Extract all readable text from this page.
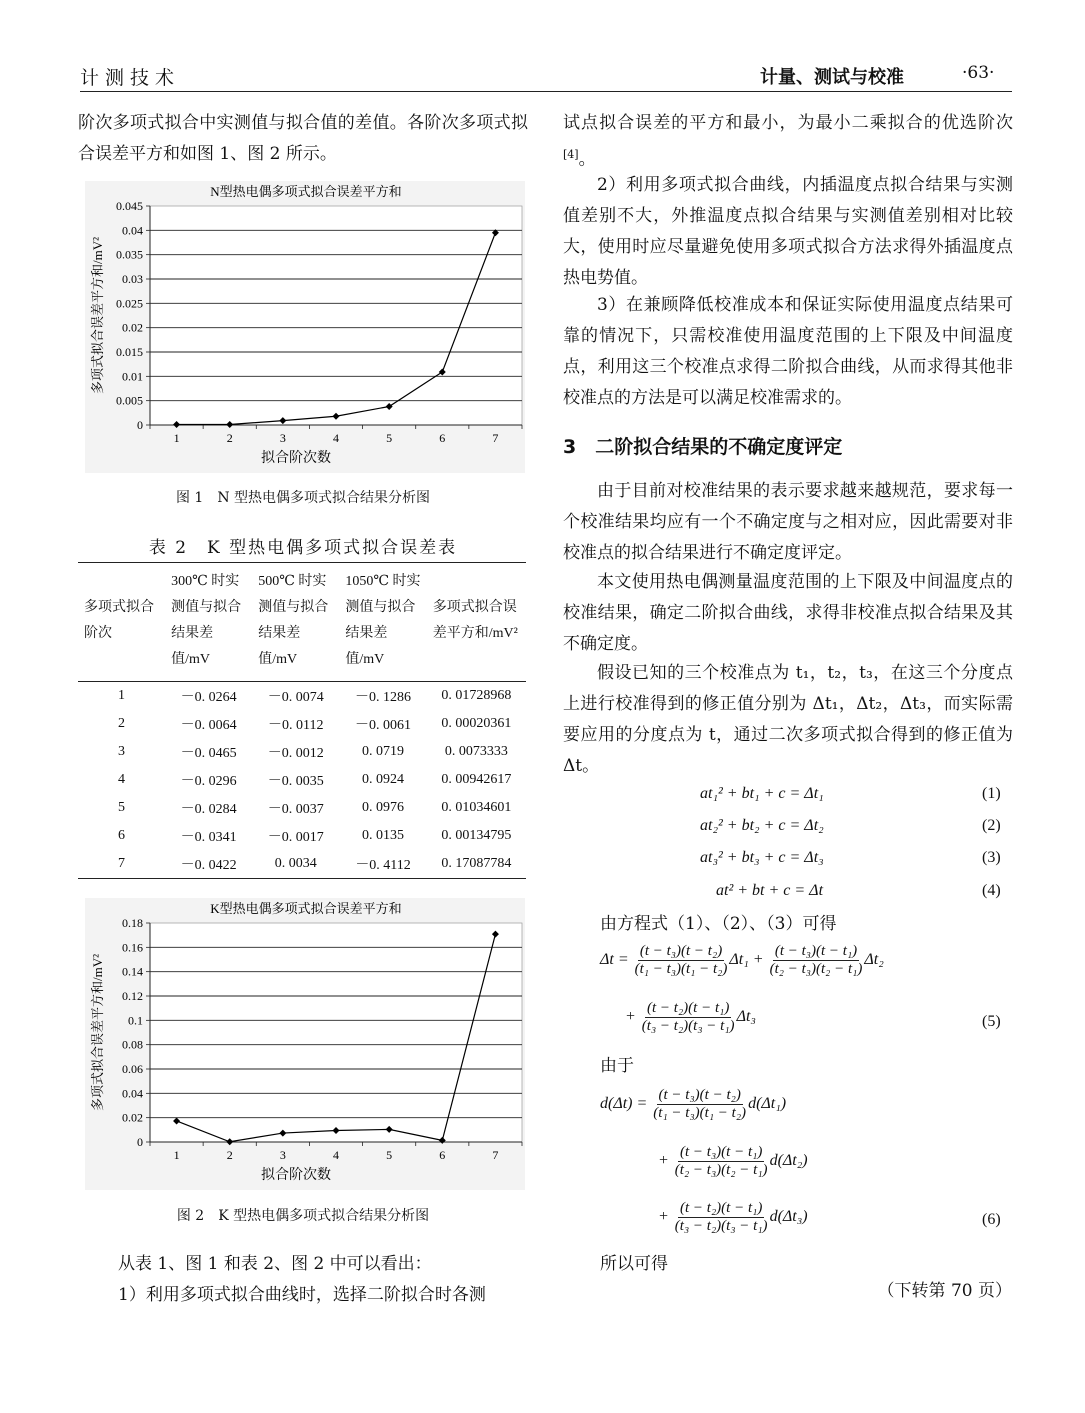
计测技术	计量、测试与校准	·63·

阶次多项式拟合中实测值与拟合值的差值。各阶次多项式拟合误差平方和如图 1、图 2 所示。

N型热电偶多项式拟合误差平方和
0
0.005
0.01
0.015
0.02
0.025
0.03
0.035
0.04
0.045
1	2	3	4	5	6	7
拟合阶次数
多项式拟合误差平方和/mV²
图 1　N 型热电偶多项式拟合结果分析图
表 2　K 型热电偶多项式拟合误差表
多项式拟合阶次	300℃ 时实测值与拟合结果差值/mV	500℃ 时实测值与拟合结果差值/mV	1050℃ 时实测值与拟合结果差值/mV	多项式拟合误差平方和/mV²
1	－0. 0264	－0. 0074	－0. 1286	0. 01728968
2	－0. 0064	－0. 0112	－0. 0061	0. 00020361
3	－0. 0465	－0. 0012	0. 0719	0. 0073333
4	－0. 0296	－0. 0035	0. 0924	0. 00942617
5	－0. 0284	－0. 0037	0. 0976	0. 01034601
6	－0. 0341	－0. 0017	0. 0135	0. 00134795
7	－0. 0422	0. 0034	－0. 4112	0. 17087784
K型热电偶多项式拟合误差平方和
0
0.02
0.04
0.06
0.08
0.1
0.12
0.14
0.16
0.18
1	2	3	4	5	6	7
拟合阶次数
多项式拟合误差平方和/mV²
图 2　K 型热电偶多项式拟合结果分析图

从表 1、图 1 和表 2、图 2 中可以看出：

1）利用多项式拟合曲线时，选择二阶拟合时各测

试点拟合误差的平方和最小，为最小二乘拟合的优选阶次[4]。

2）利用多项式拟合曲线，内插温度点拟合结果与实测值差别不大，外推温度点拟合结果与实测值差别相对比较大，使用时应尽量避免使用多项式拟合方法求得外插温度点热电势值。

3）在兼顾降低校准成本和保证实际使用温度点结果可靠的情况下，只需校准使用温度范围的上下限及中间温度点，利用这三个校准点求得二阶拟合曲线，从而求得其他非校准点的方法是可以满足校准需求的。

3　 二阶拟合结果的不确定度评定

由于目前对校准结果的表示要求越来越规范，要求每一个校准结果均应有一个不确定度与之相对应，因此需要对非校准点的拟合结果进行不确定度评定。

本文使用热电偶测量温度范围的上下限及中间温度点的校准结果，确定二阶拟合曲线，求得非校准点拟合结果及其不确定度。

假设已知的三个校准点为 t₁，t₂，t₃，在这三个分度点上进行校准得到的修正值分别为 Δt₁，Δt₂，Δt₃，而实际需要应用的分度点为 t，通过二次多项式拟合得到的修正值为 Δt。

at₁² + bt₁ + c = Δt₁	(1)
at₂² + bt₂ + c = Δt₂	(2)
at₃² + bt₃ + c = Δt₃	(3)
at² + bt + c = Δt	(4)

由方程式（1）、（2）、（3）可得

$\Delta t = \frac{\text{(t − t₃)(t − t₂)}}{\text{(t₁ − t₃)(t₁ − t₂)}} \Delta t_1 + \frac{\text{(t − t₃)(t − t₁)}}{\text{(t₂ − t₃)(t₂ − t₁)}} \Delta t_2$
+ $\frac{\text{(t − t₂)(t − t₁)}}{\text{(t₃ − t₂)(t₃ − t₁)}} \Delta t_3$	(5)

由于

$d(\Delta t) = \frac{\text{(t − t₃)(t − t₂)}}{\text{(t₁ − t₃)(t₁ − t₂)}} d(\Delta t_1)$
+ $\frac{\text{(t − t₃)(t − t₁)}}{\text{(t₂ − t₃)(t₂ − t₁)}} d(\Delta t_2)$
+ $\frac{\text{(t − t₂)(t − t₁)}}{\text{(t₃ − t₂)(t₃ − t₁)}} d(\Delta t_3)$	(6)

所以可得

（下转第 70 页）
